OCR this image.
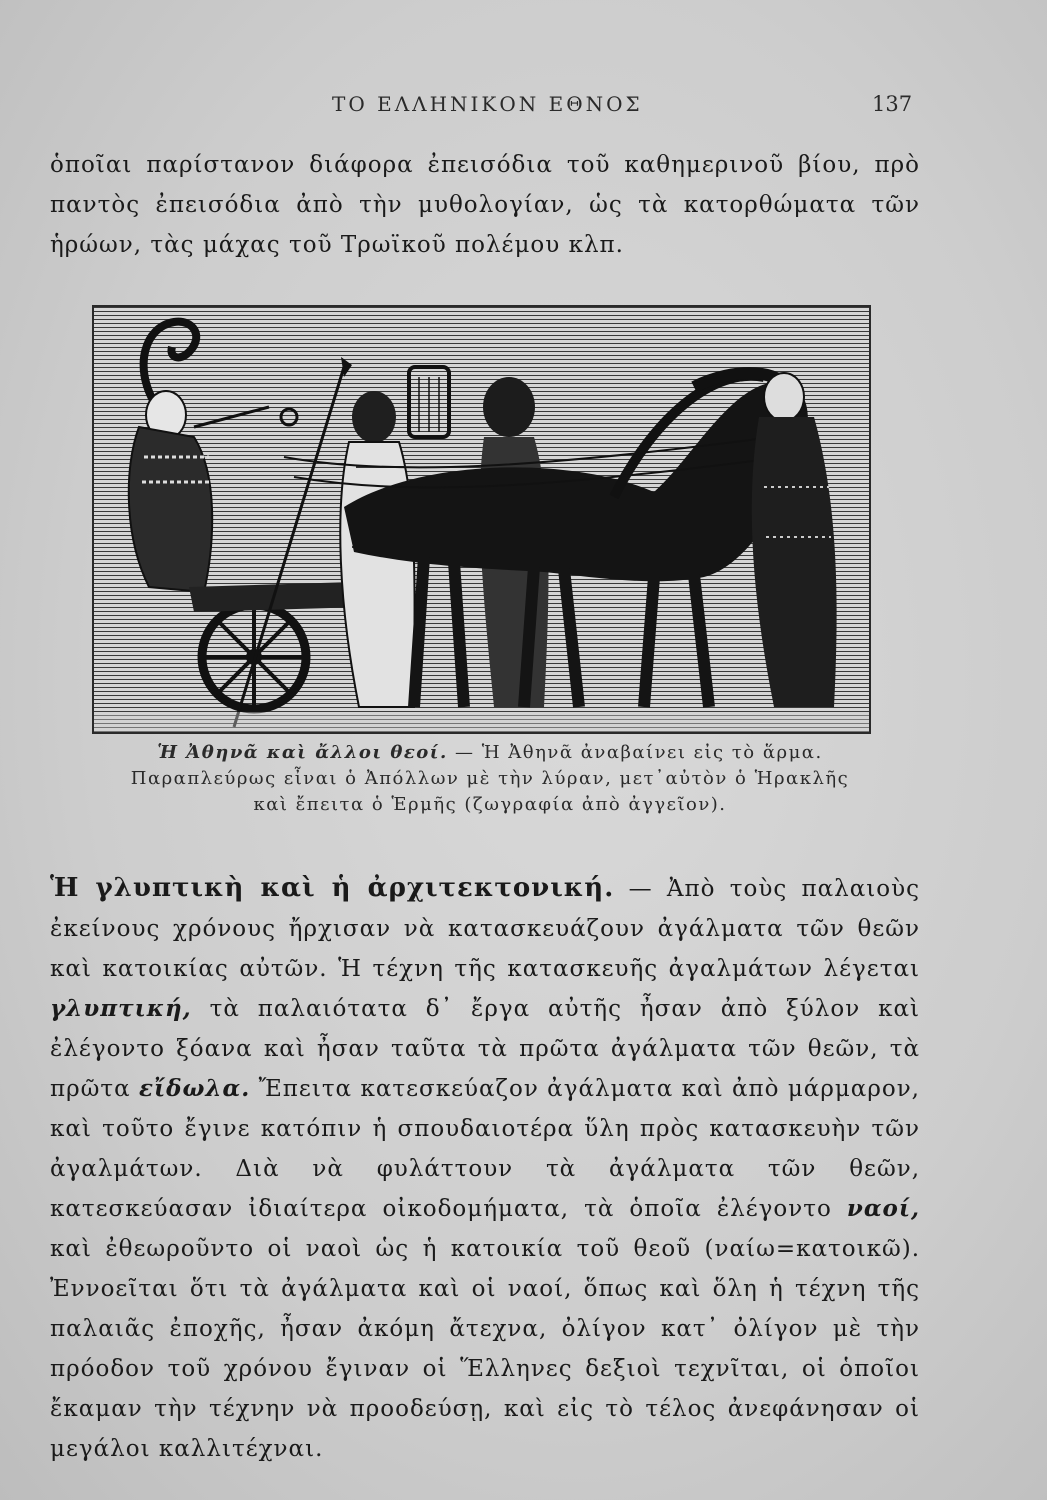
ΤΟ ΕΛΛΗΝΙΚΟΝ ΕΘΝΟΣ	137

ὁποῖαι παρίστανον διάφορα ἐπεισόδια τοῦ καθημερινοῦ βίου, πρὸ παντὸς ἐπεισόδια ἀπὸ τὴν μυθολογίαν, ὡς τὰ κατορθώματα τῶν ἡρώων, τὰς μάχας τοῦ Τρωϊκοῦ πολέμου κλπ.

Ἡ Ἀθηνᾶ καὶ ἄλλοι θεοί. — Ἡ Ἀθηνᾶ ἀναβαίνει εἰς τὸ ἅρμα. Παραπλεύρως εἶναι ὁ Ἀπόλλων μὲ τὴν λύραν, μετ᾿αὐτὸν ὁ Ἡρακλῆς καὶ ἔπειτα ὁ Ἑρμῆς (ζωγραφία ἀπὸ ἀγγεῖον).

Ἡ γλυπτικὴ καὶ ἡ ἀρχιτεκτονική. — Ἀπὸ τοὺς παλαιοὺς ἐκείνους χρόνους ἤρχισαν νὰ κατασκευάζουν ἀγάλματα τῶν θεῶν καὶ κατοικίας αὐτῶν. Ἡ τέχνη τῆς κατασκευῆς ἀγαλμάτων λέγεται γλυπτική, τὰ παλαιότατα δ᾿ ἔργα αὐτῆς ἦσαν ἀπὸ ξύλον καὶ ἐλέγοντο ξόανα καὶ ἦσαν ταῦτα τὰ πρῶτα ἀγάλματα τῶν θεῶν, τὰ πρῶτα εἴδωλα. Ἔπειτα κατεσκεύαζον ἀγάλματα καὶ ἀπὸ μάρμαρον, καὶ τοῦτο ἔγινε κατόπιν ἡ σπουδαιοτέρα ὕλη πρὸς κατασκευὴν τῶν ἀγαλμάτων. Διὰ νὰ φυλάττουν τὰ ἀγάλματα τῶν θεῶν, κατεσκεύασαν ἰδιαίτερα οἰκοδομήματα, τὰ ὁποῖα ἐλέγοντο ναοί, καὶ ἐθεωροῦντο οἱ ναοὶ ὡς ἡ κατοικία τοῦ θεοῦ (ναίω=κατοικῶ). Ἐννοεῖται ὅτι τὰ ἀγάλματα καὶ οἱ ναοί, ὅπως καὶ ὅλη ἡ τέχνη τῆς παλαιᾶς ἐποχῆς, ἦσαν ἀκόμη ἄτεχνα, ὀλίγον κατ᾿ ὀλίγον μὲ τὴν πρόοδον τοῦ χρόνου ἔγιναν οἱ Ἕλληνες δεξιοὶ τεχνῖται, οἱ ὁποῖοι ἔκαμαν τὴν τέχνην νὰ προοδεύσῃ, καὶ εἰς τὸ τέλος ἀνεφάνησαν οἱ μεγάλοι καλλιτέχναι.
